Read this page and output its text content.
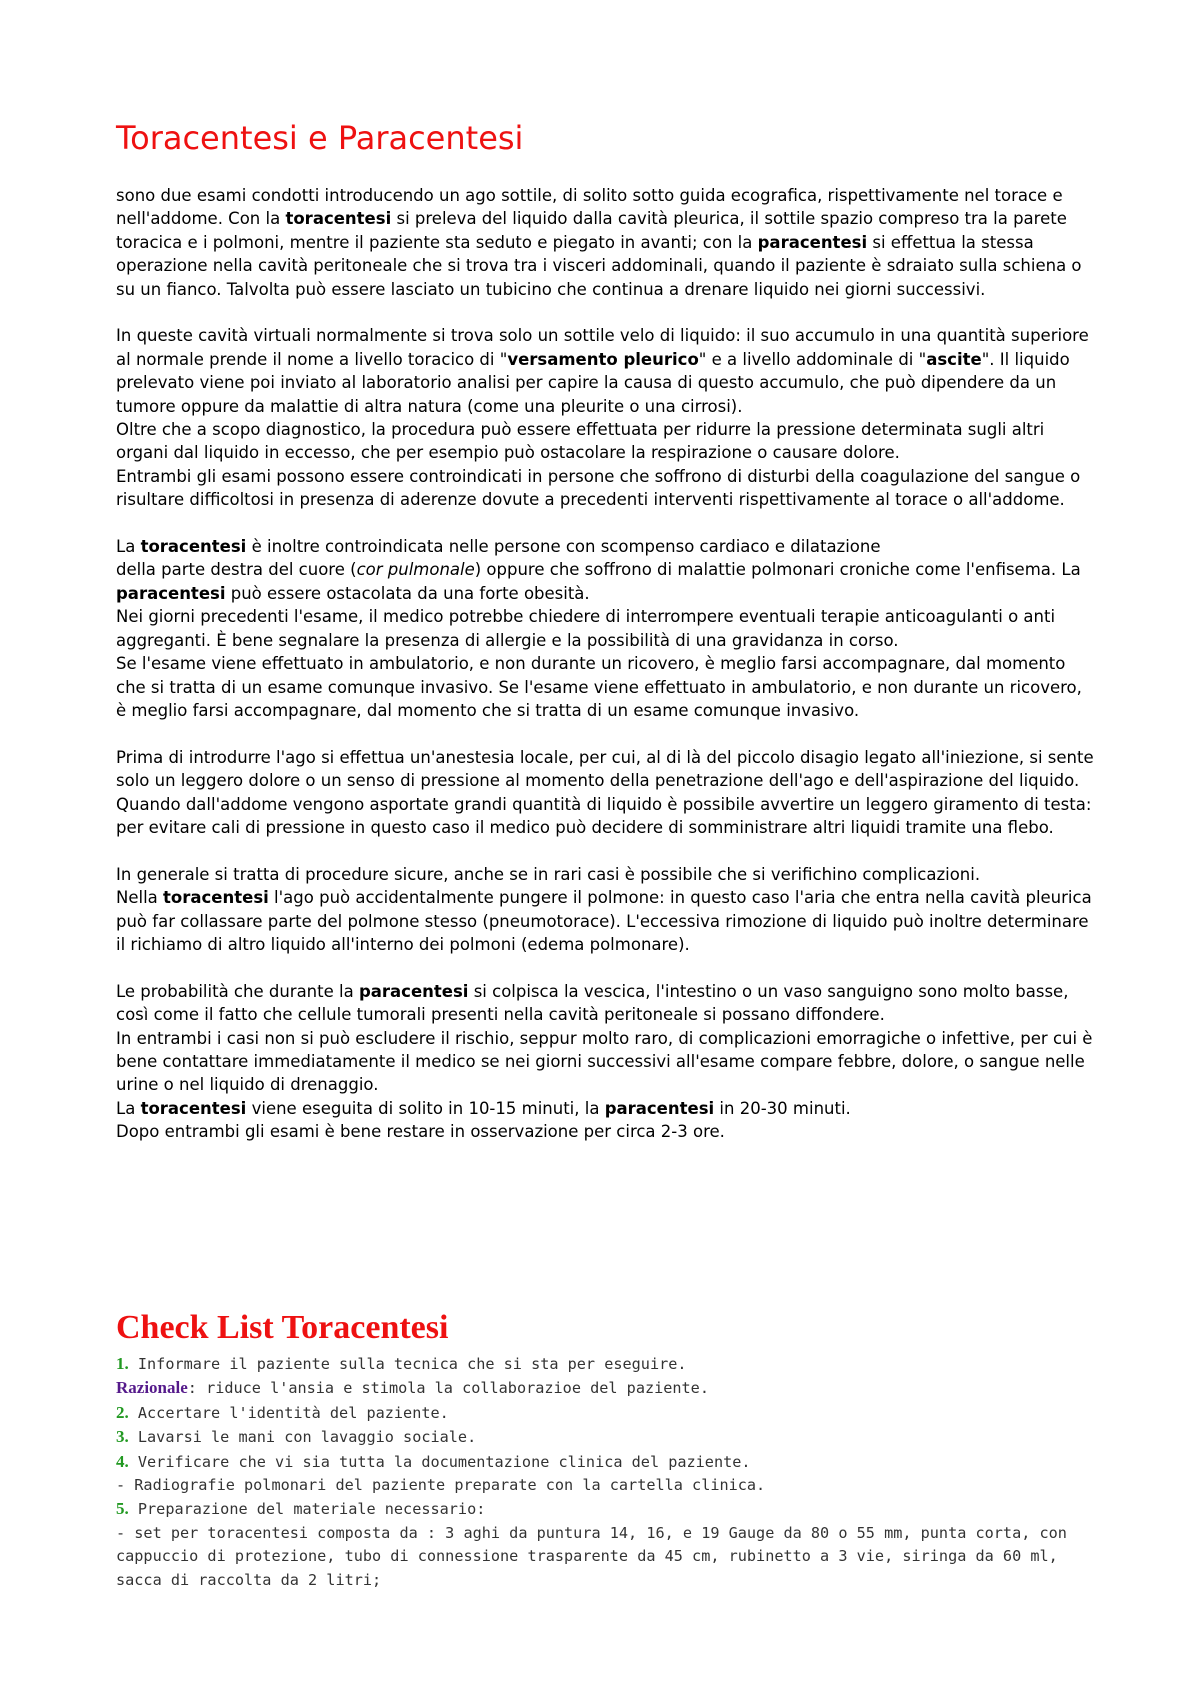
Toracentesi e Paracentesi

sono due esami condotti introducendo un ago sottile, di solito sotto guida ecografica, rispettivamente nel torace e nell'addome. Con la toracentesi si preleva del liquido dalla cavità pleurica, il sottile spazio compreso tra la parete toracica e i polmoni, mentre il paziente sta seduto e piegato in avanti; con la paracentesi si effettua la stessa operazione nella cavità peritoneale che si trova tra i visceri addominali, quando il paziente è sdraiato sulla schiena o su un fianco. Talvolta può essere lasciato un tubicino che continua a drenare liquido nei giorni successivi.

In queste cavità virtuali normalmente si trova solo un sottile velo di liquido: il suo accumulo in una quantità superiore al normale prende il nome a livello toracico di "versamento pleurico" e a livello addominale di "ascite". Il liquido prelevato viene poi inviato al laboratorio analisi per capire la causa di questo accumulo, che può dipendere da un tumore oppure da malattie di altra natura (come una pleurite o una cirrosi).
Oltre che a scopo diagnostico, la procedura può essere effettuata per ridurre la pressione determinata sugli altri organi dal liquido in eccesso, che per esempio può ostacolare la respirazione o causare dolore.
Entrambi gli esami possono essere controindicati in persone che soffrono di disturbi della coagulazione del sangue o risultare difficoltosi in presenza di aderenze dovute a precedenti interventi rispettivamente al torace o all'addome.

La toracentesi è inoltre controindicata nelle persone con scompenso cardiaco e dilatazione
della parte destra del cuore (cor pulmonale) oppure che soffrono di malattie polmonari croniche come l'enfisema. La paracentesi può essere ostacolata da una forte obesità.
Nei giorni precedenti l'esame, il medico potrebbe chiedere di interrompere eventuali terapie anticoagulanti o anti aggreganti. È bene segnalare la presenza di allergie e la possibilità di una gravidanza in corso.
Se l'esame viene effettuato in ambulatorio, e non durante un ricovero, è meglio farsi accompagnare, dal momento che si tratta di un esame comunque invasivo. Se l'esame viene effettuato in ambulatorio, e non durante un ricovero, è meglio farsi accompagnare, dal momento che si tratta di un esame comunque invasivo.

Prima di introdurre l'ago si effettua un'anestesia locale, per cui, al di là del piccolo disagio legato all'iniezione, si sente solo un leggero dolore o un senso di pressione al momento della penetrazione dell'ago e dell'aspirazione del liquido.
Quando dall'addome vengono asportate grandi quantità di liquido è possibile avvertire un leggero giramento di testa: per evitare cali di pressione in questo caso il medico può decidere di somministrare altri liquidi tramite una flebo.

In generale si tratta di procedure sicure, anche se in rari casi è possibile che si verifichino complicazioni.
Nella toracentesi l'ago può accidentalmente pungere il polmone: in questo caso l'aria che entra nella cavità pleurica può far collassare parte del polmone stesso (pneumotorace). L'eccessiva rimozione di liquido può inoltre determinare il richiamo di altro liquido all'interno dei polmoni (edema polmonare).

Le probabilità che durante la paracentesi si colpisca la vescica, l'intestino o un vaso sanguigno sono molto basse, così come il fatto che cellule tumorali presenti nella cavità peritoneale si possano diffondere.
In entrambi i casi non si può escludere il rischio, seppur molto raro, di complicazioni emorragiche o infettive, per cui è bene contattare immediatamente il medico se nei giorni successivi all'esame compare febbre, dolore, o sangue nelle urine o nel liquido di drenaggio.
La toracentesi viene eseguita di solito in 10-15 minuti, la paracentesi in 20-30 minuti.
Dopo entrambi gli esami è bene restare in osservazione per circa 2-3 ore.

Check List Toracentesi
1. Informare il paziente sulla tecnica che si sta per eseguire.
Razionale: riduce l'ansia e stimola la collaborazioe del paziente.
2. Accertare l'identità del paziente.
3. Lavarsi le mani con lavaggio sociale.
4. Verificare che vi sia tutta la documentazione clinica del paziente.
- Radiografie polmonari del paziente preparate con la cartella clinica.
5. Preparazione del materiale necessario:
- set per toracentesi composta da : 3 aghi da puntura 14, 16, e 19 Gauge da 80 o 55 mm, punta corta, con cappuccio di protezione, tubo di connessione trasparente da 45 cm, rubinetto a 3 vie, siringa da 60 ml, sacca di raccolta da 2 litri;
